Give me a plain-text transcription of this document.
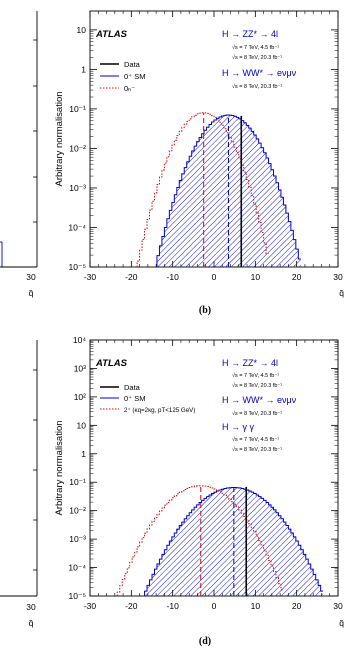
30
q̃
30
q̃
-30	-20	-10	0	10	20	30
10⁻⁵
10⁻⁴
10⁻³
10⁻²
10⁻¹
1
10
Arbitrary normalisation
ATLAS
Data
0⁺ SM
0ₕ⁻
H → ZZ* → 4l
√s = 7 TeV, 4.5 fb⁻¹
√s = 8 TeV, 20.3 fb⁻¹
H → WW* → eνμν
√s = 8 TeV, 20.3 fb⁻¹
q̃
(b)
-30	-20	-10	0	10	20	30
10⁻⁵
10⁻⁴
10⁻³
10⁻²
10⁻¹
1
10
10²
10³
10⁴
Arbitrary normalisation
ATLAS
Data
0⁺ SM
2⁺ (κq=2κg, pT<125 GeV)
H → ZZ* → 4l
√s = 7 TeV, 4.5 fb⁻¹
√s = 8 TeV, 20.3 fb⁻¹
H → WW* → eνμν
√s = 8 TeV, 20.3 fb⁻¹
H → γ γ
√s = 7 TeV, 4.5 fb⁻¹
√s = 8 TeV, 20.3 fb⁻¹
q̃
(d)
